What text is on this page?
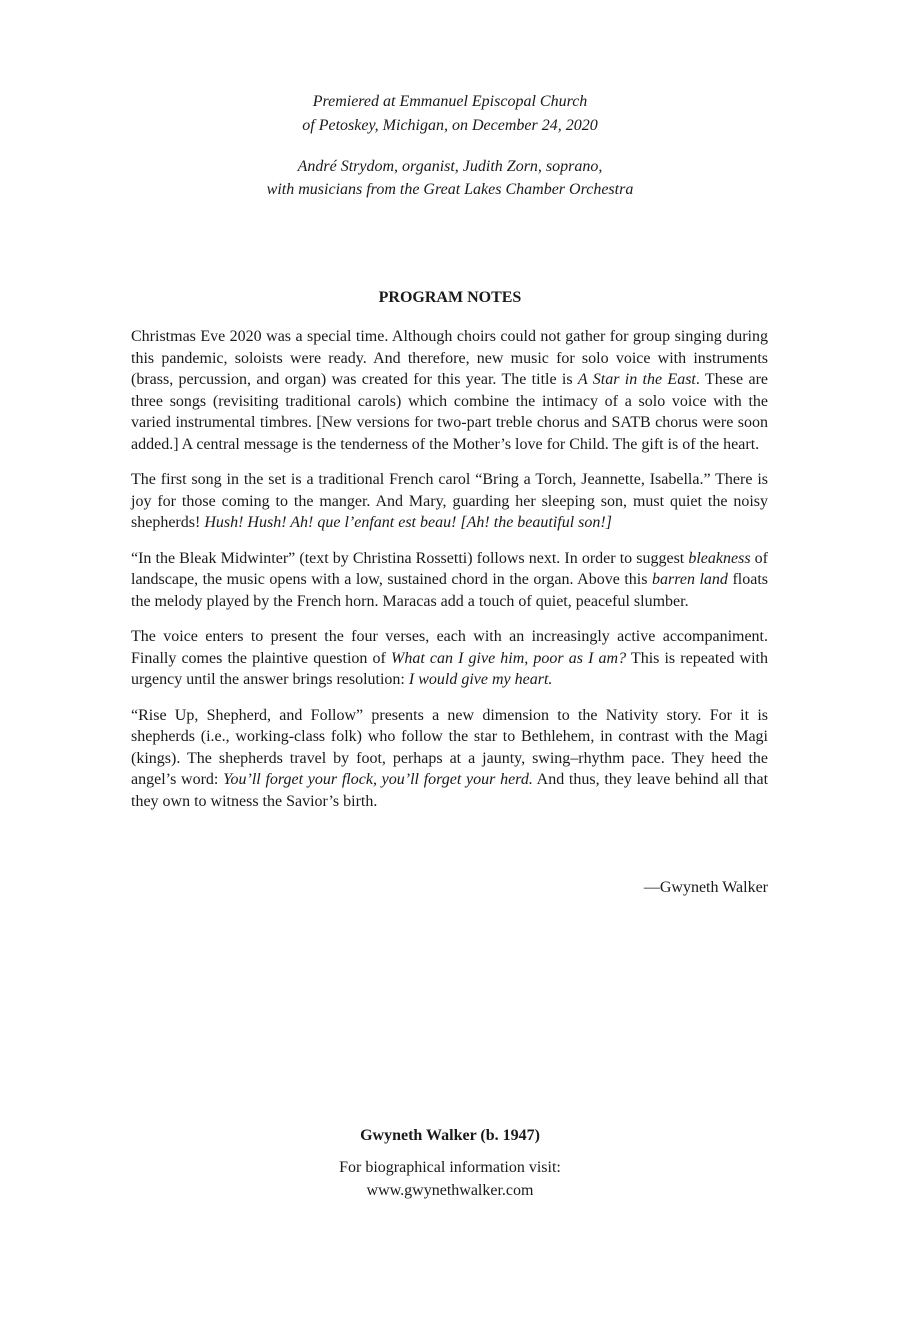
Premiered at Emmanuel Episcopal Church

of Petoskey, Michigan, on December 24, 2020

André Strydom, organist, Judith Zorn, soprano,

with musicians from the Great Lakes Chamber Orchestra

PROGRAM NOTES

Christmas Eve 2020 was a special time. Although choirs could not gather for group singing during this pandemic, soloists were ready. And therefore, new music for solo voice with instruments (brass, percussion, and organ) was created for this year. The title is A Star in the East. These are three songs (revisiting traditional carols) which combine the intimacy of a solo voice with the varied instrumental timbres. [New versions for two-part treble chorus and SATB chorus were soon added.] A central message is the tenderness of the Mother’s love for Child. The gift is of the heart.

The first song in the set is a traditional French carol “Bring a Torch, Jeannette, Isabella.” There is joy for those coming to the manger. And Mary, guarding her sleeping son, must quiet the noisy shepherds! Hush! Hush! Ah! que l’enfant est beau! [Ah! the beautiful son!]

“In the Bleak Midwinter” (text by Christina Rossetti) follows next. In order to suggest bleakness of landscape, the music opens with a low, sustained chord in the organ. Above this barren land floats the melody played by the French horn. Maracas add a touch of quiet, peaceful slumber.

The voice enters to present the four verses, each with an increasingly active accompaniment. Finally comes the plaintive question of What can I give him, poor as I am? This is repeated with urgency until the answer brings resolution: I would give my heart.

“Rise Up, Shepherd, and Follow” presents a new dimension to the Nativity story. For it is shepherds (i.e., working-class folk) who follow the star to Bethlehem, in contrast with the Magi (kings). The shepherds travel by foot, perhaps at a jaunty, swing–rhythm pace. They heed the angel’s word: You’ll forget your flock, you’ll forget your herd. And thus, they leave behind all that they own to witness the Savior’s birth.

—Gwyneth Walker

Gwyneth Walker (b. 1947)

For biographical information visit:
www.gwynethwalker.com
